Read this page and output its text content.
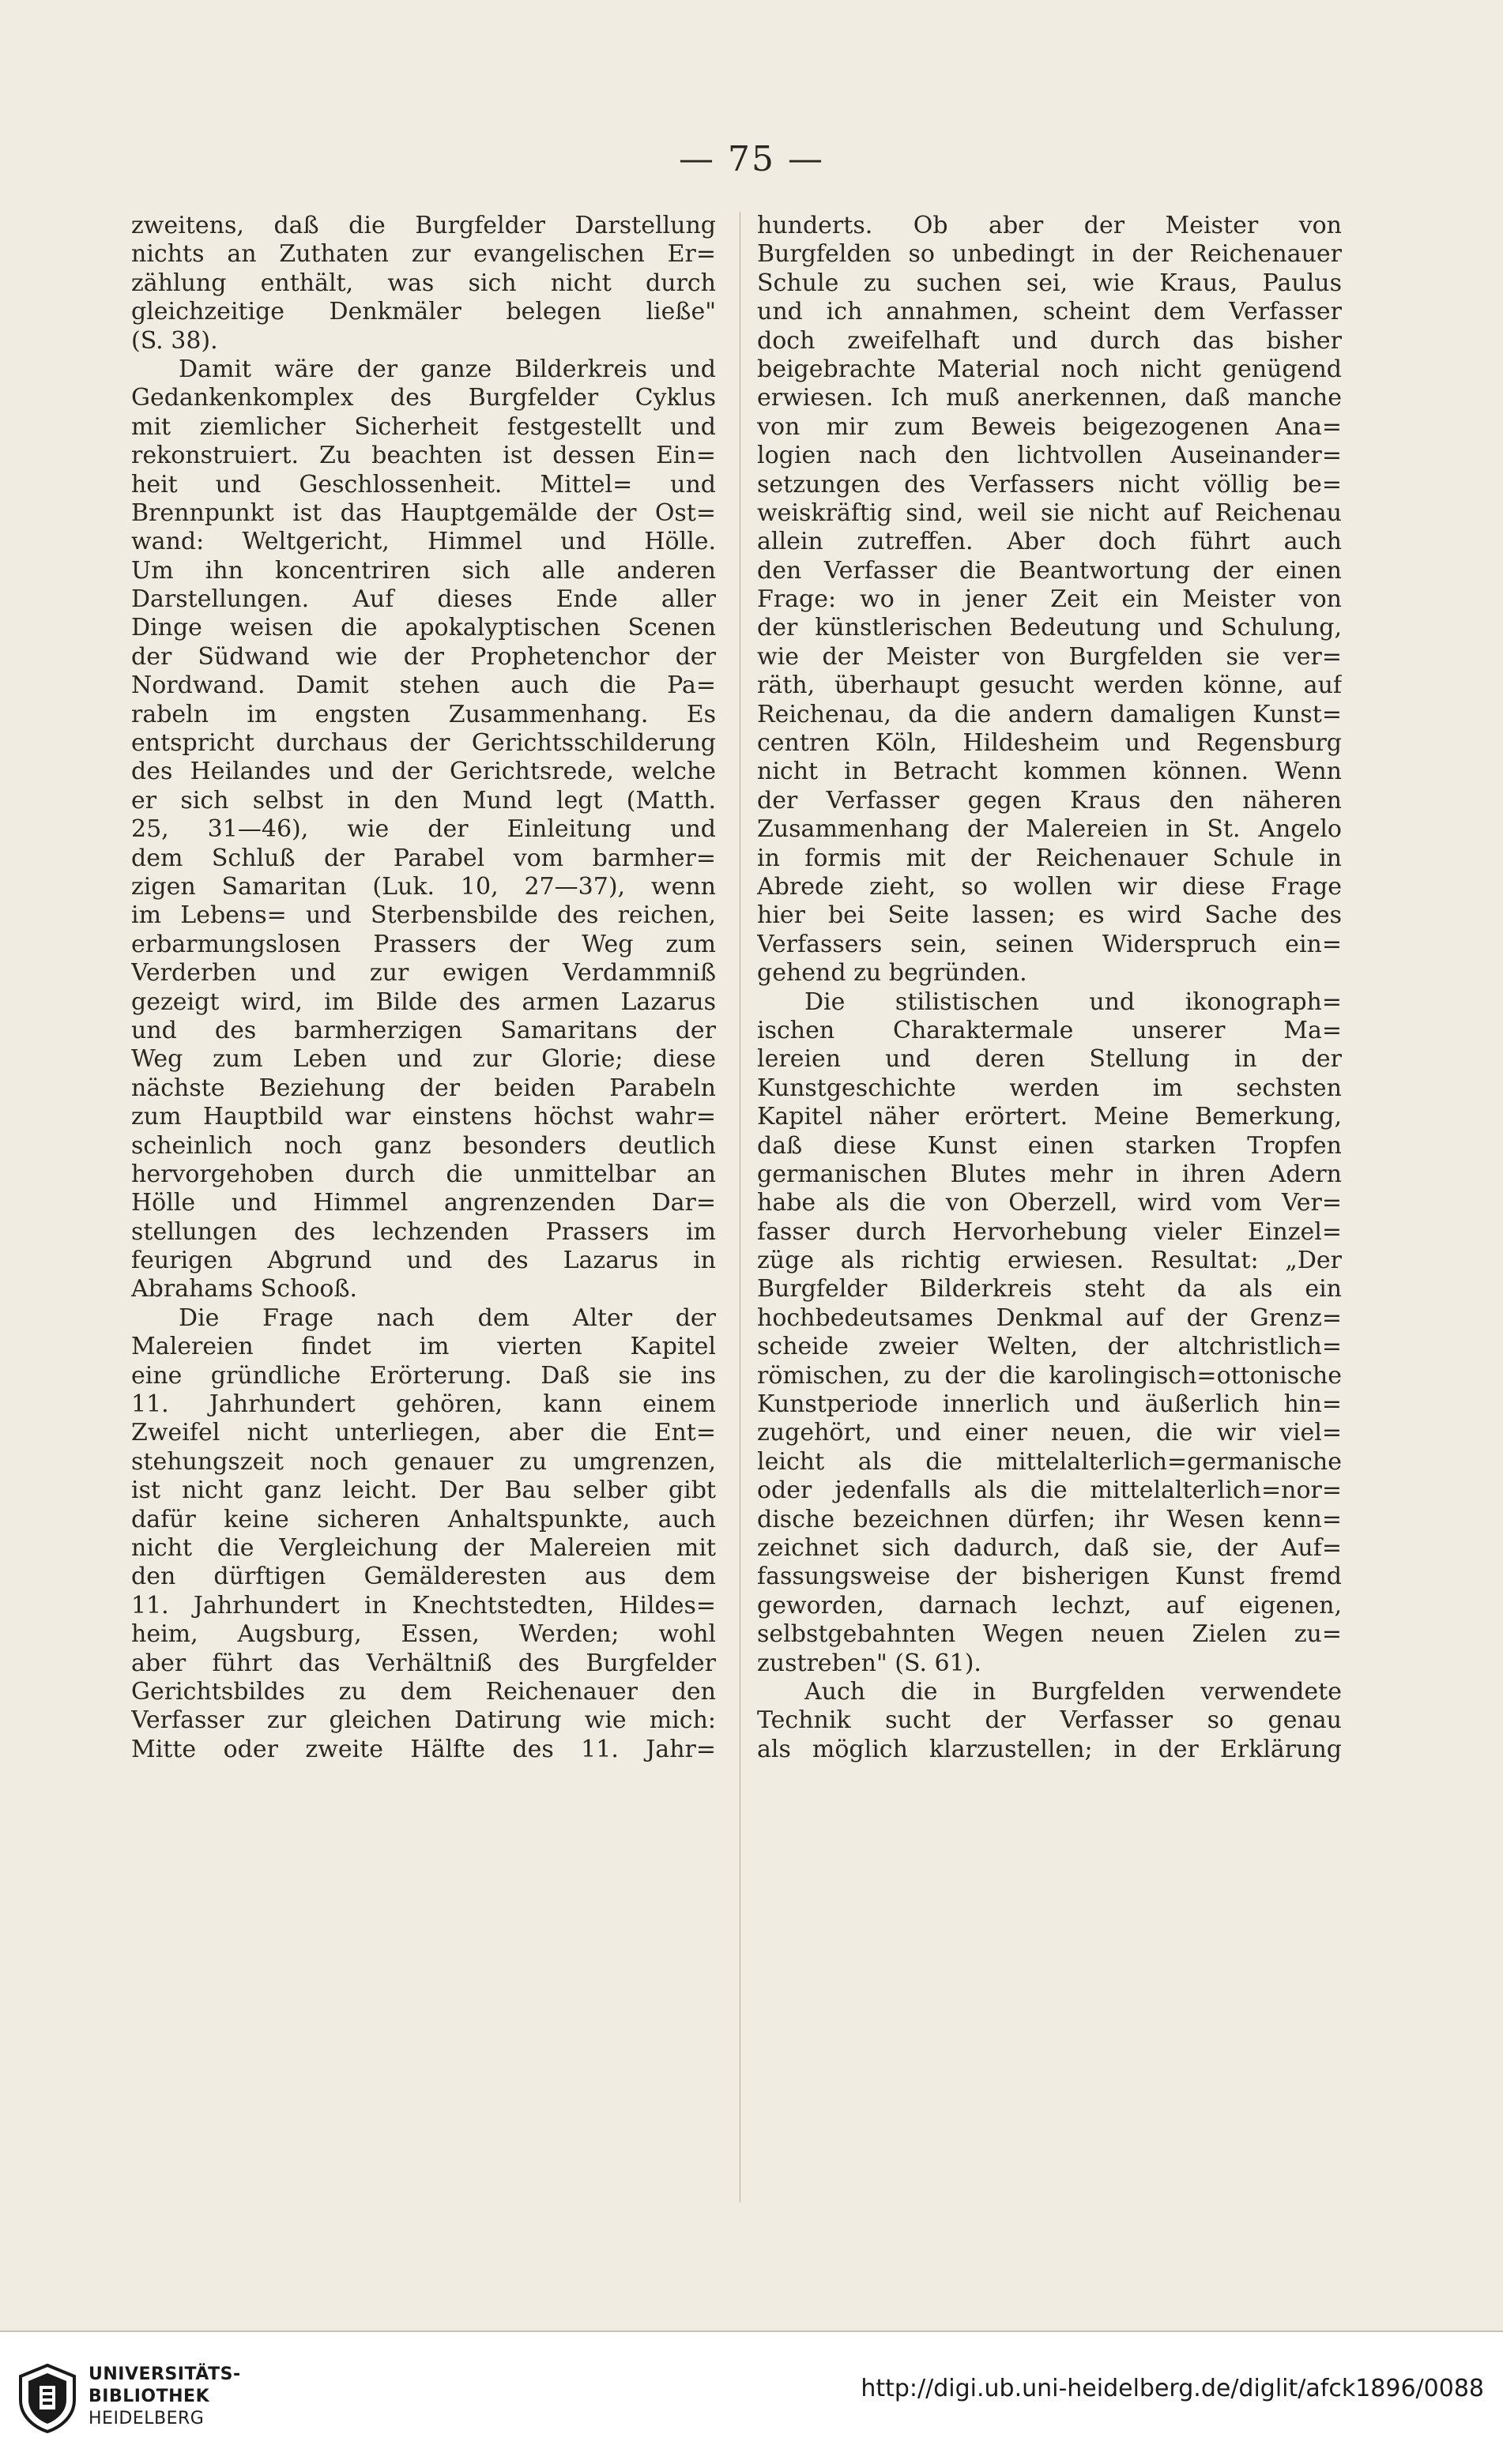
— 75 —
zweitens, daß die Burgfelder Darstellung
nichts an Zuthaten zur evangelischen Er=
zählung enthält, was sich nicht durch
gleichzeitige Denkmäler belegen ließe"
(S. 38).
Damit wäre der ganze Bilderkreis und
Gedankenkomplex des Burgfelder Cyklus
mit ziemlicher Sicherheit festgestellt und
rekonstruiert. Zu beachten ist dessen Ein=
heit und Geschlossenheit. Mittel= und
Brennpunkt ist das Hauptgemälde der Ost=
wand: Weltgericht, Himmel und Hölle.
Um ihn koncentriren sich alle anderen
Darstellungen. Auf dieses Ende aller
Dinge weisen die apokalyptischen Scenen
der Südwand wie der Prophetenchor der
Nordwand. Damit stehen auch die Pa=
rabeln im engsten Zusammenhang. Es
entspricht durchaus der Gerichtsschilderung
des Heilandes und der Gerichtsrede, welche
er sich selbst in den Mund legt (Matth.
25, 31—46), wie der Einleitung und
dem Schluß der Parabel vom barmher=
zigen Samaritan (Luk. 10, 27—37), wenn
im Lebens= und Sterbensbilde des reichen,
erbarmungslosen Prassers der Weg zum
Verderben und zur ewigen Verdammniß
gezeigt wird, im Bilde des armen Lazarus
und des barmherzigen Samaritans der
Weg zum Leben und zur Glorie; diese
nächste Beziehung der beiden Parabeln
zum Hauptbild war einstens höchst wahr=
scheinlich noch ganz besonders deutlich
hervorgehoben durch die unmittelbar an
Hölle und Himmel angrenzenden Dar=
stellungen des lechzenden Prassers im
feurigen Abgrund und des Lazarus in
Abrahams Schooß.
Die Frage nach dem Alter der
Malereien findet im vierten Kapitel
eine gründliche Erörterung. Daß sie ins
11. Jahrhundert gehören, kann einem
Zweifel nicht unterliegen, aber die Ent=
stehungszeit noch genauer zu umgrenzen,
ist nicht ganz leicht. Der Bau selber gibt
dafür keine sicheren Anhaltspunkte, auch
nicht die Vergleichung der Malereien mit
den dürftigen Gemälderesten aus dem
11. Jahrhundert in Knechtstedten, Hildes=
heim, Augsburg, Essen, Werden; wohl
aber führt das Verhältniß des Burgfelder
Gerichtsbildes zu dem Reichenauer den
Verfasser zur gleichen Datirung wie mich:
Mitte oder zweite Hälfte des 11. Jahr=
hunderts. Ob aber der Meister von
Burgfelden so unbedingt in der Reichenauer
Schule zu suchen sei, wie Kraus, Paulus
und ich annahmen, scheint dem Verfasser
doch zweifelhaft und durch das bisher
beigebrachte Material noch nicht genügend
erwiesen. Ich muß anerkennen, daß manche
von mir zum Beweis beigezogenen Ana=
logien nach den lichtvollen Auseinander=
setzungen des Verfassers nicht völlig be=
weiskräftig sind, weil sie nicht auf Reichenau
allein zutreffen. Aber doch führt auch
den Verfasser die Beantwortung der einen
Frage: wo in jener Zeit ein Meister von
der künstlerischen Bedeutung und Schulung,
wie der Meister von Burgfelden sie ver=
räth, überhaupt gesucht werden könne, auf
Reichenau, da die andern damaligen Kunst=
centren Köln, Hildesheim und Regensburg
nicht in Betracht kommen können. Wenn
der Verfasser gegen Kraus den näheren
Zusammenhang der Malereien in St. Angelo
in formis mit der Reichenauer Schule in
Abrede zieht, so wollen wir diese Frage
hier bei Seite lassen; es wird Sache des
Verfassers sein, seinen Widerspruch ein=
gehend zu begründen.
Die stilistischen und ikonograph=
ischen Charaktermale unserer Ma=
lereien und deren Stellung in der
Kunstgeschichte werden im sechsten
Kapitel näher erörtert. Meine Bemerkung,
daß diese Kunst einen starken Tropfen
germanischen Blutes mehr in ihren Adern
habe als die von Oberzell, wird vom Ver=
fasser durch Hervorhebung vieler Einzel=
züge als richtig erwiesen. Resultat: „Der
Burgfelder Bilderkreis steht da als ein
hochbedeutsames Denkmal auf der Grenz=
scheide zweier Welten, der altchristlich=
römischen, zu der die karolingisch=ottonische
Kunstperiode innerlich und äußerlich hin=
zugehört, und einer neuen, die wir viel=
leicht als die mittelalterlich=germanische
oder jedenfalls als die mittelalterlich=nor=
dische bezeichnen dürfen; ihr Wesen kenn=
zeichnet sich dadurch, daß sie, der Auf=
fassungsweise der bisherigen Kunst fremd
geworden, darnach lechzt, auf eigenen,
selbstgebahnten Wegen neuen Zielen zu=
zustreben" (S. 61).
Auch die in Burgfelden verwendete
Technik sucht der Verfasser so genau
als möglich klarzustellen; in der Erklärung
UNIVERSITÄTS-
BIBLIOTHEK
HEIDELBERG
http://digi.ub.uni-heidelberg.de/diglit/afck1896/0088
